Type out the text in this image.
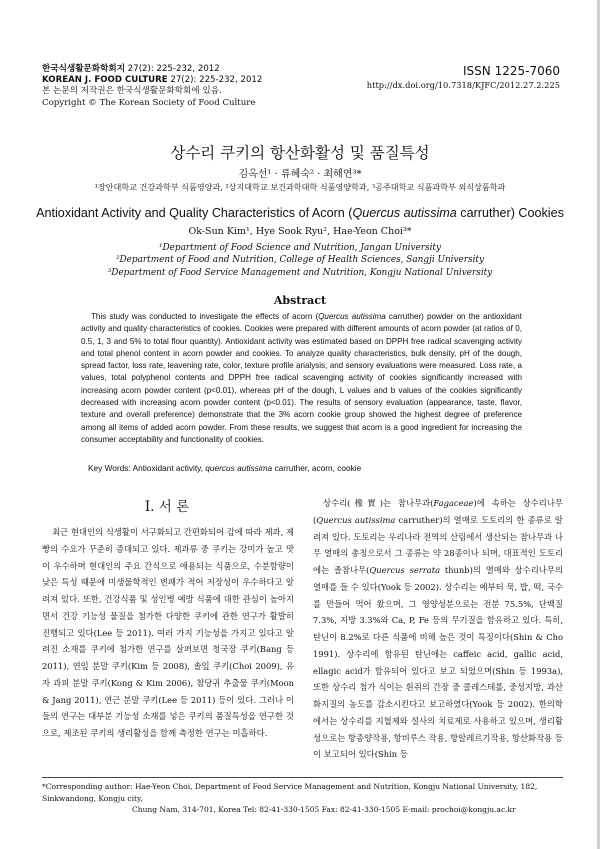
한국식생활문화학회지 27(2): 225-232, 2012
KOREAN J. FOOD CULTURE 27(2): 225-232, 2012
본 논문의 저작권은 한국식생활문화학회에 있음.
Copyright © The Korean Society of Food Culture
ISSN 1225-7060
http://dx.doi.org/10.7318/KJFC/2012.27.2.225
상수리 쿠키의 항산화활성 및 품질특성
김옥선¹ · 류혜숙² · 최해연³*
¹장안대학교 건강과학부 식품영양과, ²상지대학교 보건과학대학 식품영양학과, ³공주대학교 식품과학부 외식상품학과
Antioxidant Activity and Quality Characteristics of Acorn (Quercus autissima carruther) Cookies
Ok-Sun Kim¹, Hye Sook Ryu², Hae-Yeon Choi³*
¹Department of Food Science and Nutrition, Jangan University
²Department of Food and Nutrition, College of Health Sciences, Sangji University
³Department of Food Service Management and Nutrition, Kongju National University
Abstract
This study was conducted to investigate the effects of acorn (Quercus autissima carruther) powder on the antioxidant activity and quality characteristics of cookies. Cookies were prepared with different amounts of acorn powder (at ratios of 0, 0.5, 1, 3 and 5% to total flour quantity). Antioxidant activity was estimated based on DPPH free radical scavenging activity and total phenol content in acorn powder and cookies. To analyze quality characteristics, bulk density, pH of the dough, spread factor, loss rate, leavening rate, color, texture profile analysis, and sensory evaluations were measured. Loss rate, a values, total polyphenol contents and DPPH free radical scavenging activity of cookies significantly increased with increasing acorn powder content (p<0.01), whereas pH of the dough, L values and b values of the cookies significantly decreased with increasing acorn powder content (p<0.01). The results of sensory evaluation (appearance, taste, flavor, texture and overall preference) demonstrate that the 3% acorn cookie group showed the highest degree of preference among all items of added acorn powder. From these results, we suggest that acorn is a good ingredient for increasing the consumer acceptability and functionality of cookies.
Key Words: Antioxidant activity, quercus autissima carruther, acorn, cookie
Ⅰ. 서 론

최근 현대인의 식생활이 서구화되고 간편화되어 감에 따라 제과, 제빵의 수요가 꾸준히 증대되고 있다. 제과류 중 쿠키는 강미가 높고 맛이 우수하며 현대인의 주요 간식으로 애용되는 식품으로, 수분함량이 낮은 특성 때문에 미생물학적인 변패가 적어 저장성이 우수하다고 알려져 있다. 또한, 건강식품 및 성인병 예방 식품에 대한 관심이 높아지면서 건강 기능성 물질을 첨가한 다양한 쿠키에 관한 연구가 활발히 진행되고 있다(Lee 등 2011). 여러 가지 기능성을 가지고 있다고 알려진 소재를 쿠키에 첨가한 연구를 살펴보면 청국장 쿠키(Bang 등 2011), 연잎 분말 쿠키(Kim 등 2008), 솔잎 쿠키(Choi 2009), 유자 과피 분말 쿠키(Kong & Kim 2006), 참당귀 추출물 쿠키(Moon & Jang 2011), 연근 분말 쿠키(Lee 등 2011) 등이 있다. 그러나 이들의 연구는 대부분 기능성 소재를 넣은 쿠키의 품질특성을 연구한 것으로, 제조된 쿠키의 생리활성을 함께 측정한 연구는 미흡하다.

상수리(橡實)는 참나무과(Fagaceae)에 속하는 상수리나무(Quercus autissima carruther)의 열매로 도토리의 한 종류로 알려져 있다. 도토리는 우리나라 전역의 산림에서 생산되는 참나무과 나무 열매의 총칭으로서 그 종류는 약 28종이나 되며, 대표적인 도토리에는 졸참나무(Quercus serrata thunb)의 열매와 상수리나무의 열매를 들 수 있다(Yook 등 2002). 상수리는 예부터 묵, 밥, 떡, 국수를 만들어 먹어 왔으며, 그 영양성분으로는 전분 75.5%, 단백질 7.3%, 지방 3.3%와 Ca, P, Fe 등의 무기질을 함유하고 있다. 특히, 탄닌이 8.2%로 다른 식품에 비해 높은 것이 특징이다(Shin & Cho 1991). 상수리에 함유된 탄닌에는 caffeic acid, gallic acid, ellagic acid가 함유되어 있다고 보고 되었으며(Shin 등 1993a), 또한 상수리 첨가 식이는 흰쥐의 간장 중 콜레스테롤, 중성지방, 과산화지질의 농도를 감소시킨다고 보고하였다(Yook 등 2002). 한의학에서는 상수리를 지혈제와 설사의 치료제로 사용하고 있으며, 생리활성으로는 항종양작용, 항비루스 작용, 항알레르기작용, 항산화작용 등이 보고되어 있다(Shin 등

*Corresponding author: Hae-Yeon Choi, Department of Food Service Management and Nutrition, Kongju National University, 182, Sinkwandong, Kongju city,
Chung Nam, 314-701, Korea Tel: 82-41-330-1505 Fax: 82-41-330-1505 E-mail: prochoi@kongju.ac.kr
